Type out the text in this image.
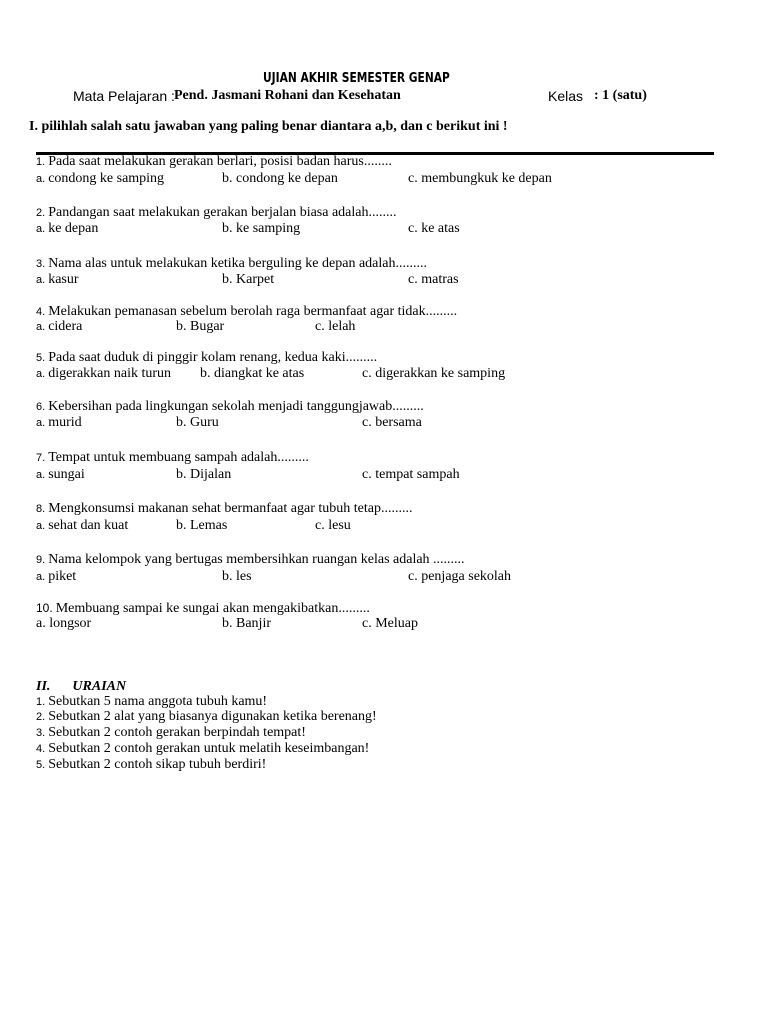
UJIAN AKHIR SEMESTER GENAP
Mata Pelajaran : Pend. Jasmani Rohani dan Kesehatan	Kelas : 1 (satu)
I. pilihlah salah satu jawaban yang paling benar diantara a,b, dan c berikut ini !
1. Pada saat melakukan gerakan berlari, posisi badan harus........
a. condong ke samping	b. condong ke depan	c. membungkuk ke depan
2. Pandangan saat melakukan gerakan berjalan biasa adalah........
a. ke depan	b. ke samping	c. ke atas
3. Nama alas untuk melakukan ketika berguling ke depan adalah.........
a. kasur	b. Karpet	c. matras
4. Melakukan pemanasan sebelum berolah raga bermanfaat agar tidak.........
a. cidera	b. Bugar	c. lelah
5. Pada saat duduk di pinggir kolam renang, kedua kaki.........
a. digerakkan naik turun b. diangkat ke atas	c. digerakkan ke samping
6. Kebersihan pada lingkungan sekolah menjadi tanggungjawab.........
a. murid	b. Guru	c. bersama
7. Tempat untuk membuang sampah adalah.........
a. sungai	b. Dijalan	c. tempat sampah
8. Mengkonsumsi makanan sehat bermanfaat agar tubuh tetap.........
a. sehat dan kuat	b. Lemas	c. lesu
9. Nama kelompok yang bertugas membersihkan ruangan kelas adalah .........
a. piket	b. les	c. penjaga sekolah
10. Membuang sampai ke sungai akan mengakibatkan.........
a. longsor	b. Banjir	c. Meluap
II. URAIAN
1. Sebutkan 5 nama anggota tubuh kamu!
2. Sebutkan 2 alat yang biasanya digunakan ketika berenang!
3. Sebutkan 2 contoh gerakan berpindah tempat!
4. Sebutkan 2 contoh gerakan untuk melatih keseimbangan!
5. Sebutkan 2 contoh sikap tubuh berdiri!
